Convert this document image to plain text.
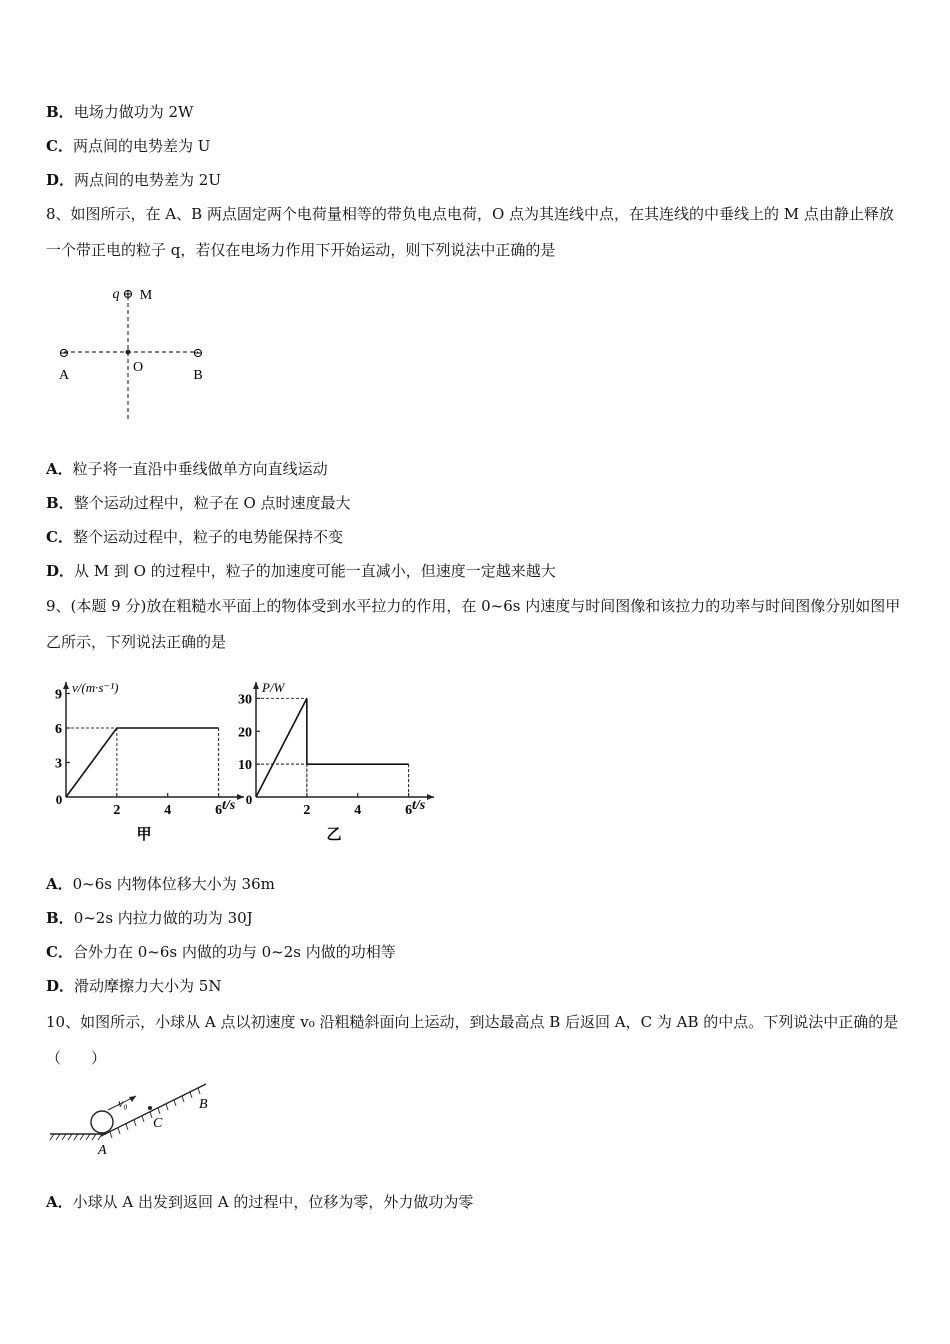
B．电场力做功为 2W
C．两点间的电势差为 U
D．两点间的电势差为 2U
8、如图所示，在 A、B 两点固定两个电荷量相等的带负电点电荷，O 点为其连线中点，在其连线的中垂线上的 M 点由静止释放一个带正电的粒子 q，若仅在电场力作用下开始运动，则下列说法中正确的是
⊖	⊖
⊕
q M
A
O
B
A．粒子将一直沿中垂线做单方向直线运动
B．整个运动过程中，粒子在 O 点时速度最大
C．整个运动过程中，粒子的电势能保持不变
D．从 M 到 O 的过程中，粒子的加速度可能一直减小，但速度一定越来越大
9、(本题 9 分)放在粗糙水平面上的物体受到水平拉力的作用，在 0~6s 内速度与时间图像和该拉力的功率与时间图像分别如图甲乙所示，下列说法正确的是
v/(m·s⁻¹)
t/s
0
2	4	6
3
6
9
甲
P/W
t/s
0
2	4	6
10
20
30
乙
A．0~6s 内物体位移大小为 36m
B．0~2s 内拉力做的功为 30J
C．合外力在 0~6s 内做的功与 0~2s 内做的功相等
D．滑动摩擦力大小为 5N
10、如图所示，小球从 A 点以初速度 v₀ 沿粗糙斜面向上运动，到达最高点 B 后返回 A，C 为 AB 的中点。下列说法中正确的是（　　）
v₀	B
C
A
A．小球从 A 出发到返回 A 的过程中，位移为零，外力做功为零
